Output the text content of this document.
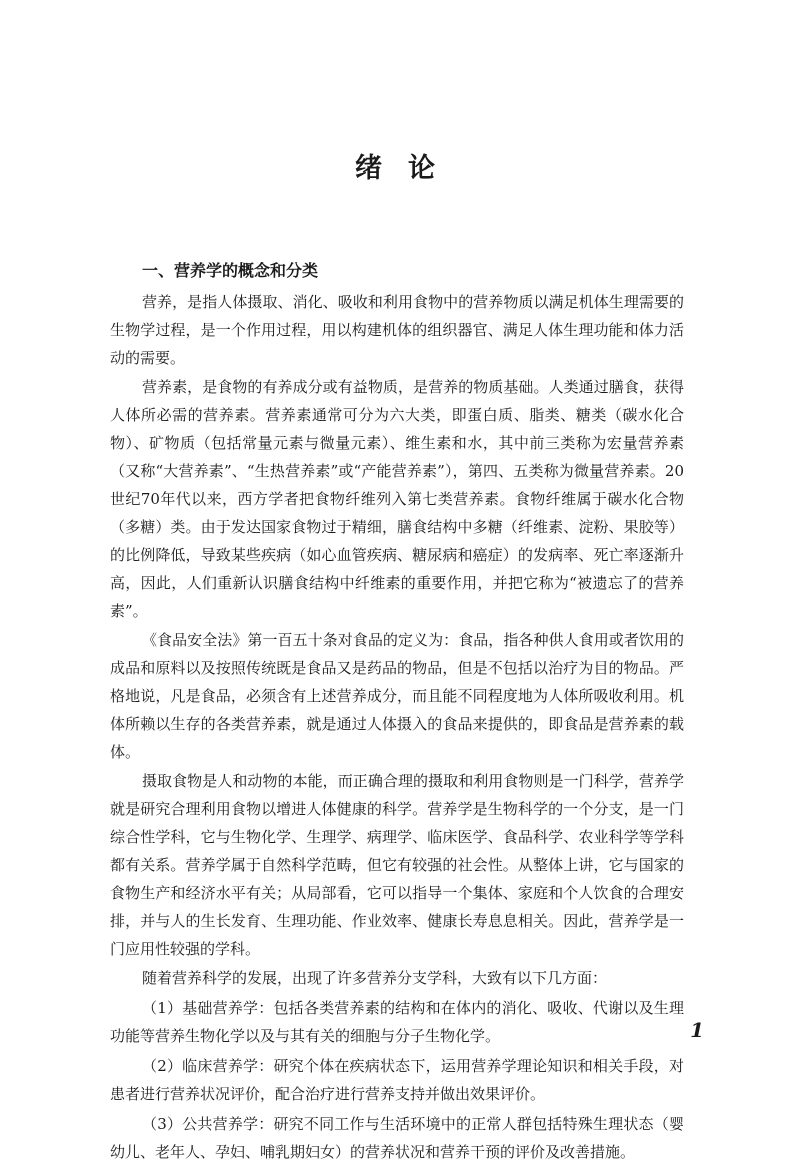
绪论
一、营养学的概念和分类

营养，是指人体摄取、消化、吸收和利用食物中的营养物质以满足机体生理需要的生物学过程，是一个作用过程，用以构建机体的组织器官、满足人体生理功能和体力活动的需要。

营养素，是食物的有养成分或有益物质，是营养的物质基础。人类通过膳食，获得人体所必需的营养素。营养素通常可分为六大类，即蛋白质、脂类、糖类（碳水化合物）、矿物质（包括常量元素与微量元素）、维生素和水，其中前三类称为宏量营养素（又称“大营养素”、“生热营养素”或“产能营养素”），第四、五类称为微量营养素。20世纪70年代以来，西方学者把食物纤维列入第七类营养素。食物纤维属于碳水化合物（多糖）类。由于发达国家食物过于精细，膳食结构中多糖（纤维素、淀粉、果胶等）的比例降低，导致某些疾病（如心血管疾病、糖尿病和癌症）的发病率、死亡率逐渐升高，因此，人们重新认识膳食结构中纤维素的重要作用，并把它称为“被遗忘了的营养素”。

《食品安全法》第一百五十条对食品的定义为：食品，指各种供人食用或者饮用的成品和原料以及按照传统既是食品又是药品的物品，但是不包括以治疗为目的物品。严格地说，凡是食品，必须含有上述营养成分，而且能不同程度地为人体所吸收利用。机体所赖以生存的各类营养素，就是通过人体摄入的食品来提供的，即食品是营养素的载体。

摄取食物是人和动物的本能，而正确合理的摄取和利用食物则是一门科学，营养学就是研究合理利用食物以增进人体健康的科学。营养学是生物科学的一个分支，是一门综合性学科，它与生物化学、生理学、病理学、临床医学、食品科学、农业科学等学科都有关系。营养学属于自然科学范畴，但它有较强的社会性。从整体上讲，它与国家的食物生产和经济水平有关；从局部看，它可以指导一个集体、家庭和个人饮食的合理安排，并与人的生长发育、生理功能、作业效率、健康长寿息息相关。因此，营养学是一门应用性较强的学科。

随着营养科学的发展，出现了许多营养分支学科，大致有以下几方面：

（1）基础营养学：包括各类营养素的结构和在体内的消化、吸收、代谢以及生理功能等营养生物化学以及与其有关的细胞与分子生物化学。

（2）临床营养学：研究个体在疾病状态下，运用营养学理论知识和相关手段，对患者进行营养状况评价，配合治疗进行营养支持并做出效果评价。

（3）公共营养学：研究不同工作与生活环境中的正常人群包括特殊生理状态（婴幼儿、老年人、孕妇、哺乳期妇女）的营养状况和营养干预的评价及改善措施。

1
